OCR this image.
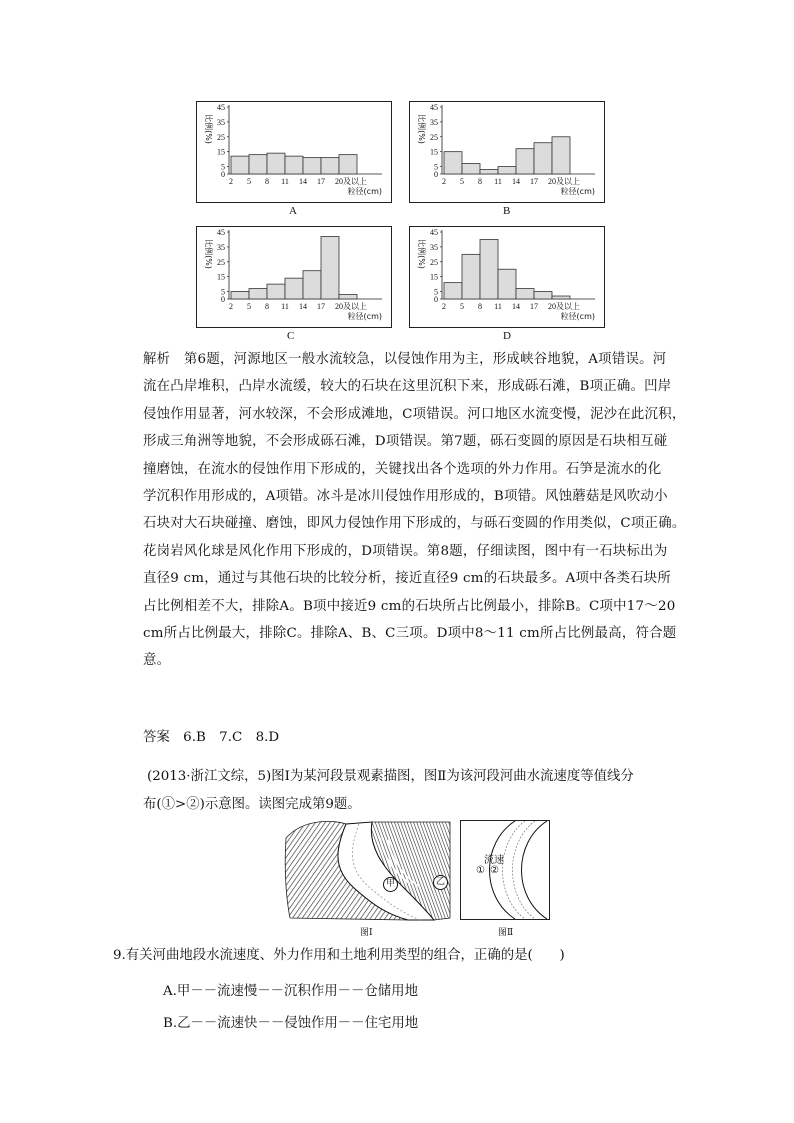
0
5
15
25
35
45
比例(%)
2 5 8 11 14 17 20及以上
粒径(cm)
A
0
5
15
25
35
45
比例(%)
2 5 8 11 14 17 20及以上
粒径(cm)
B
0
5
15
25
35
45
比例(%)
2 5 8 11 14 17 20及以上
粒径(cm)
C
0
5
15
25
35
45
比例(%)
2 5 8 11 14 17 20及以上
粒径(cm)
D
解析　第6题，河源地区一般水流较急，以侵蚀作用为主，形成峡谷地貌，A项错误。河
流在凸岸堆积，凸岸水流缓，较大的石块在这里沉积下来，形成砾石滩，B项正确。凹岸
侵蚀作用显著，河水较深，不会形成滩地，C项错误。河口地区水流变慢，泥沙在此沉积，
形成三角洲等地貌，不会形成砾石滩，D项错误。第7题，砾石变圆的原因是石块相互碰
撞磨蚀，在流水的侵蚀作用下形成的，关键找出各个选项的外力作用。石笋是流水的化
学沉积作用形成的，A项错。冰斗是冰川侵蚀作用形成的，B项错。风蚀蘑菇是风吹动小
石块对大石块碰撞、磨蚀，即风力侵蚀作用下形成的，与砾石变圆的作用类似，C项正确。
花岗岩风化球是风化作用下形成的，D项错误。第8题，仔细读图，图中有一石块标出为
直径9 cm，通过与其他石块的比较分析，接近直径9 cm的石块最多。A项中各类石块所
占比例相差不大，排除A。B项中接近9 cm的石块所占比例最小，排除B。C项中17～20
cm所占比例最大，排除C。排除A、B、C三项。D项中8～11 cm所占比例最高，符合题
意。
答案　6.B　7.C　8.D
(2013·浙江文综，5)图Ⅰ为某河段景观素描图，图Ⅱ为该河段河曲水流速度等值线分
布(①>②)示意图。读图完成第9题。
甲	乙
图Ⅰ
流速
① ②
图Ⅱ
9.有关河曲地段水流速度、外力作用和土地利用类型的组合，正确的是(　　)
A.甲－－流速慢－－沉积作用－－仓储用地
B.乙－－流速快－－侵蚀作用－－住宅用地
